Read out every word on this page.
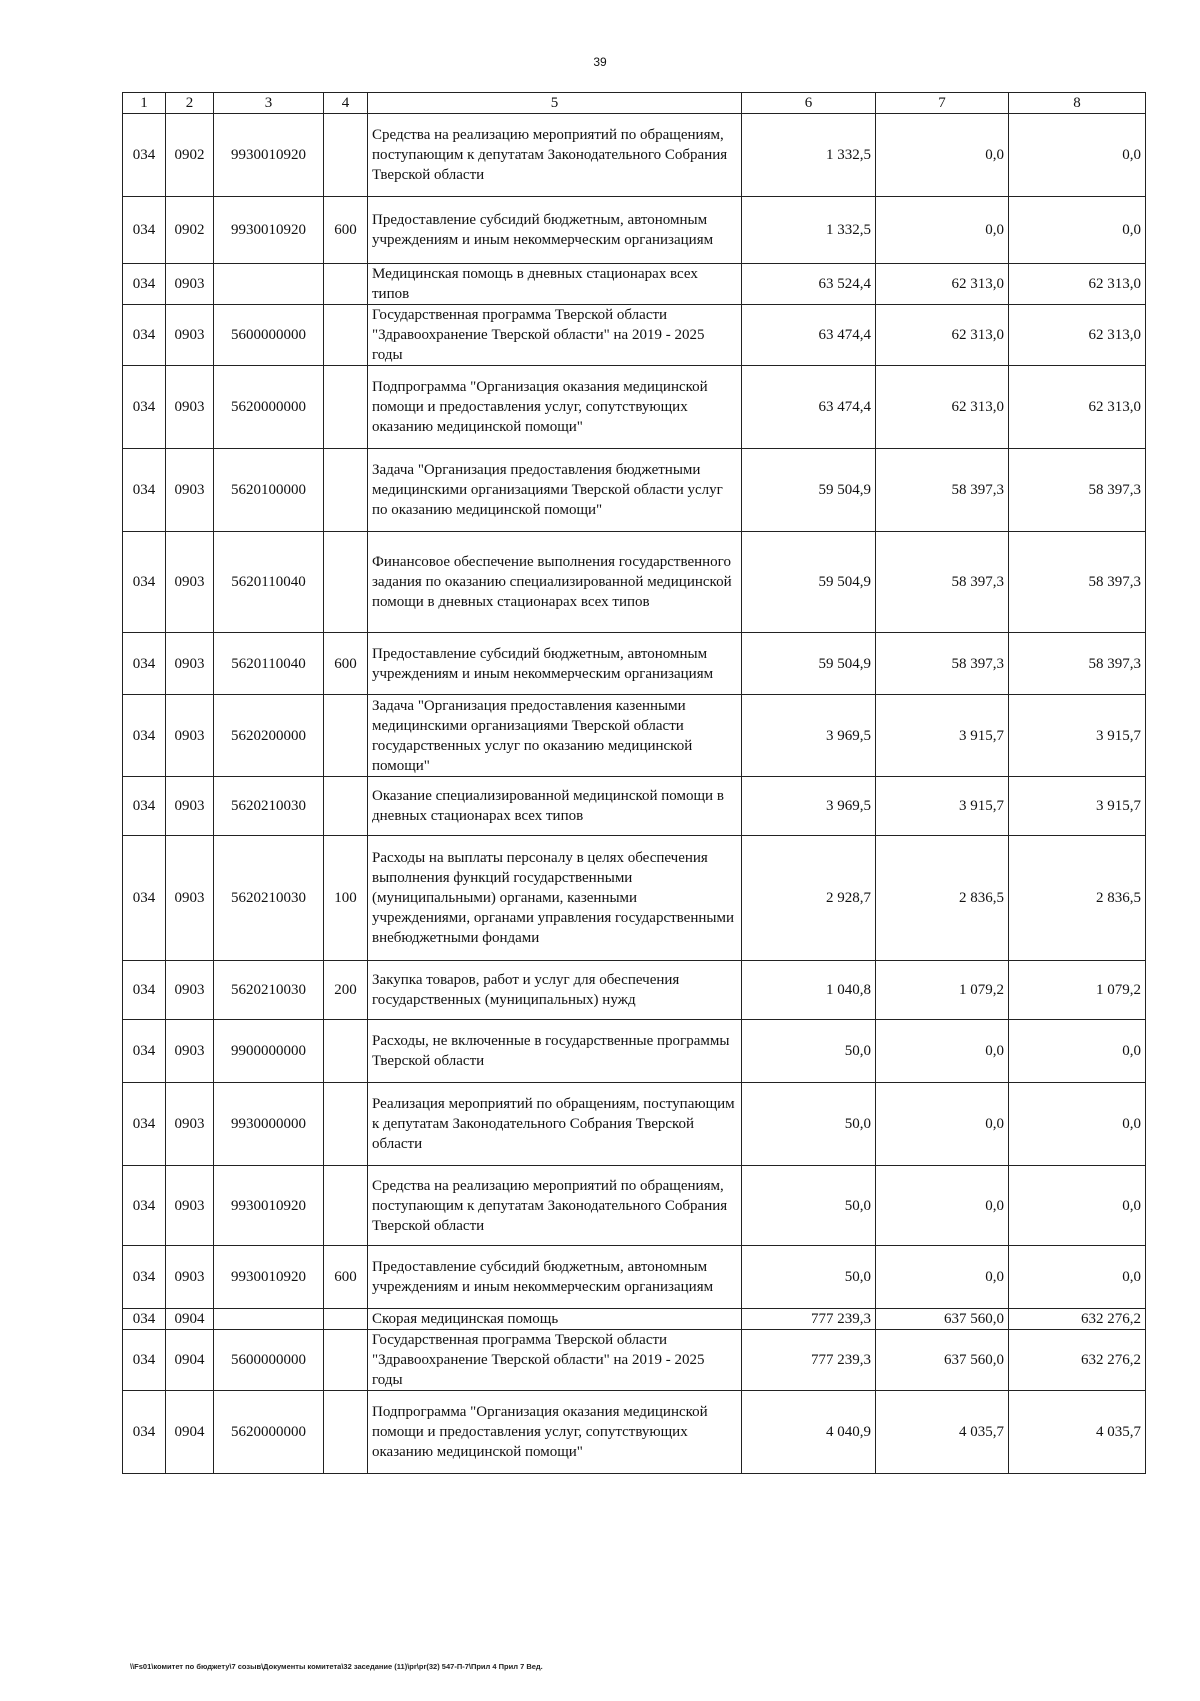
39
1	2	3	4	5	6	7	8
034	0902	9930010920		Средства на реализацию мероприятий по обращениям, поступающим к депутатам Законодательного Собрания Тверской области	1 332,5	0,0	0,0
034	0902	9930010920	600	Предоставление субсидий бюджетным, автономным учреждениям и иным некоммерческим организациям	1 332,5	0,0	0,0
034	0903			Медицинская помощь в дневных стационарах всех типов	63 524,4	62 313,0	62 313,0
034	0903	5600000000		Государственная программа Тверской области "Здравоохранение Тверской области" на 2019 - 2025 годы	63 474,4	62 313,0	62 313,0
034	0903	5620000000		Подпрограмма "Организация оказания медицинской помощи и предоставления услуг, сопутствующих оказанию медицинской помощи"	63 474,4	62 313,0	62 313,0
034	0903	5620100000		Задача "Организация предоставления бюджетными медицинскими организациями Тверской области услуг по оказанию медицинской помощи"	59 504,9	58 397,3	58 397,3
034	0903	5620110040		Финансовое обеспечение выполнения государственного задания по оказанию специализированной медицинской помощи в дневных стационарах всех типов	59 504,9	58 397,3	58 397,3
034	0903	5620110040	600	Предоставление субсидий бюджетным, автономным учреждениям и иным некоммерческим организациям	59 504,9	58 397,3	58 397,3
034	0903	5620200000		Задача "Организация предоставления казенными медицинскими организациями Тверской области государственных услуг по оказанию медицинской помощи"	3 969,5	3 915,7	3 915,7
034	0903	5620210030		Оказание специализированной медицинской помощи в дневных стационарах всех типов	3 969,5	3 915,7	3 915,7
034	0903	5620210030	100	Расходы на выплаты персоналу в целях обеспечения выполнения функций государственными (муниципальными) органами, казенными учреждениями, органами управления государственными внебюджетными фондами	2 928,7	2 836,5	2 836,5
034	0903	5620210030	200	Закупка товаров, работ и услуг для обеспечения государственных (муниципальных) нужд	1 040,8	1 079,2	1 079,2
034	0903	9900000000		Расходы, не включенные в государственные программы Тверской области	50,0	0,0	0,0
034	0903	9930000000		Реализация мероприятий по обращениям, поступающим к депутатам Законодательного Собрания Тверской области	50,0	0,0	0,0
034	0903	9930010920		Средства на реализацию мероприятий по обращениям, поступающим к депутатам Законодательного Собрания Тверской области	50,0	0,0	0,0
034	0903	9930010920	600	Предоставление субсидий бюджетным, автономным учреждениям и иным некоммерческим организациям	50,0	0,0	0,0
034	0904			Скорая медицинская помощь	777 239,3	637 560,0	632 276,2
034	0904	5600000000		Государственная программа Тверской области "Здравоохранение Тверской области" на 2019 - 2025 годы	777 239,3	637 560,0	632 276,2
034	0904	5620000000		Подпрограмма "Организация оказания медицинской помощи и предоставления услуг, сопутствующих оказанию медицинской помощи"	4 040,9	4 035,7	4 035,7
\\Fs01\комитет по бюджету\7 созыв\Документы комитета\32 заседание (11)\pr\pr(32) 547-П-7\Прил 4 Прил 7 Вед.
